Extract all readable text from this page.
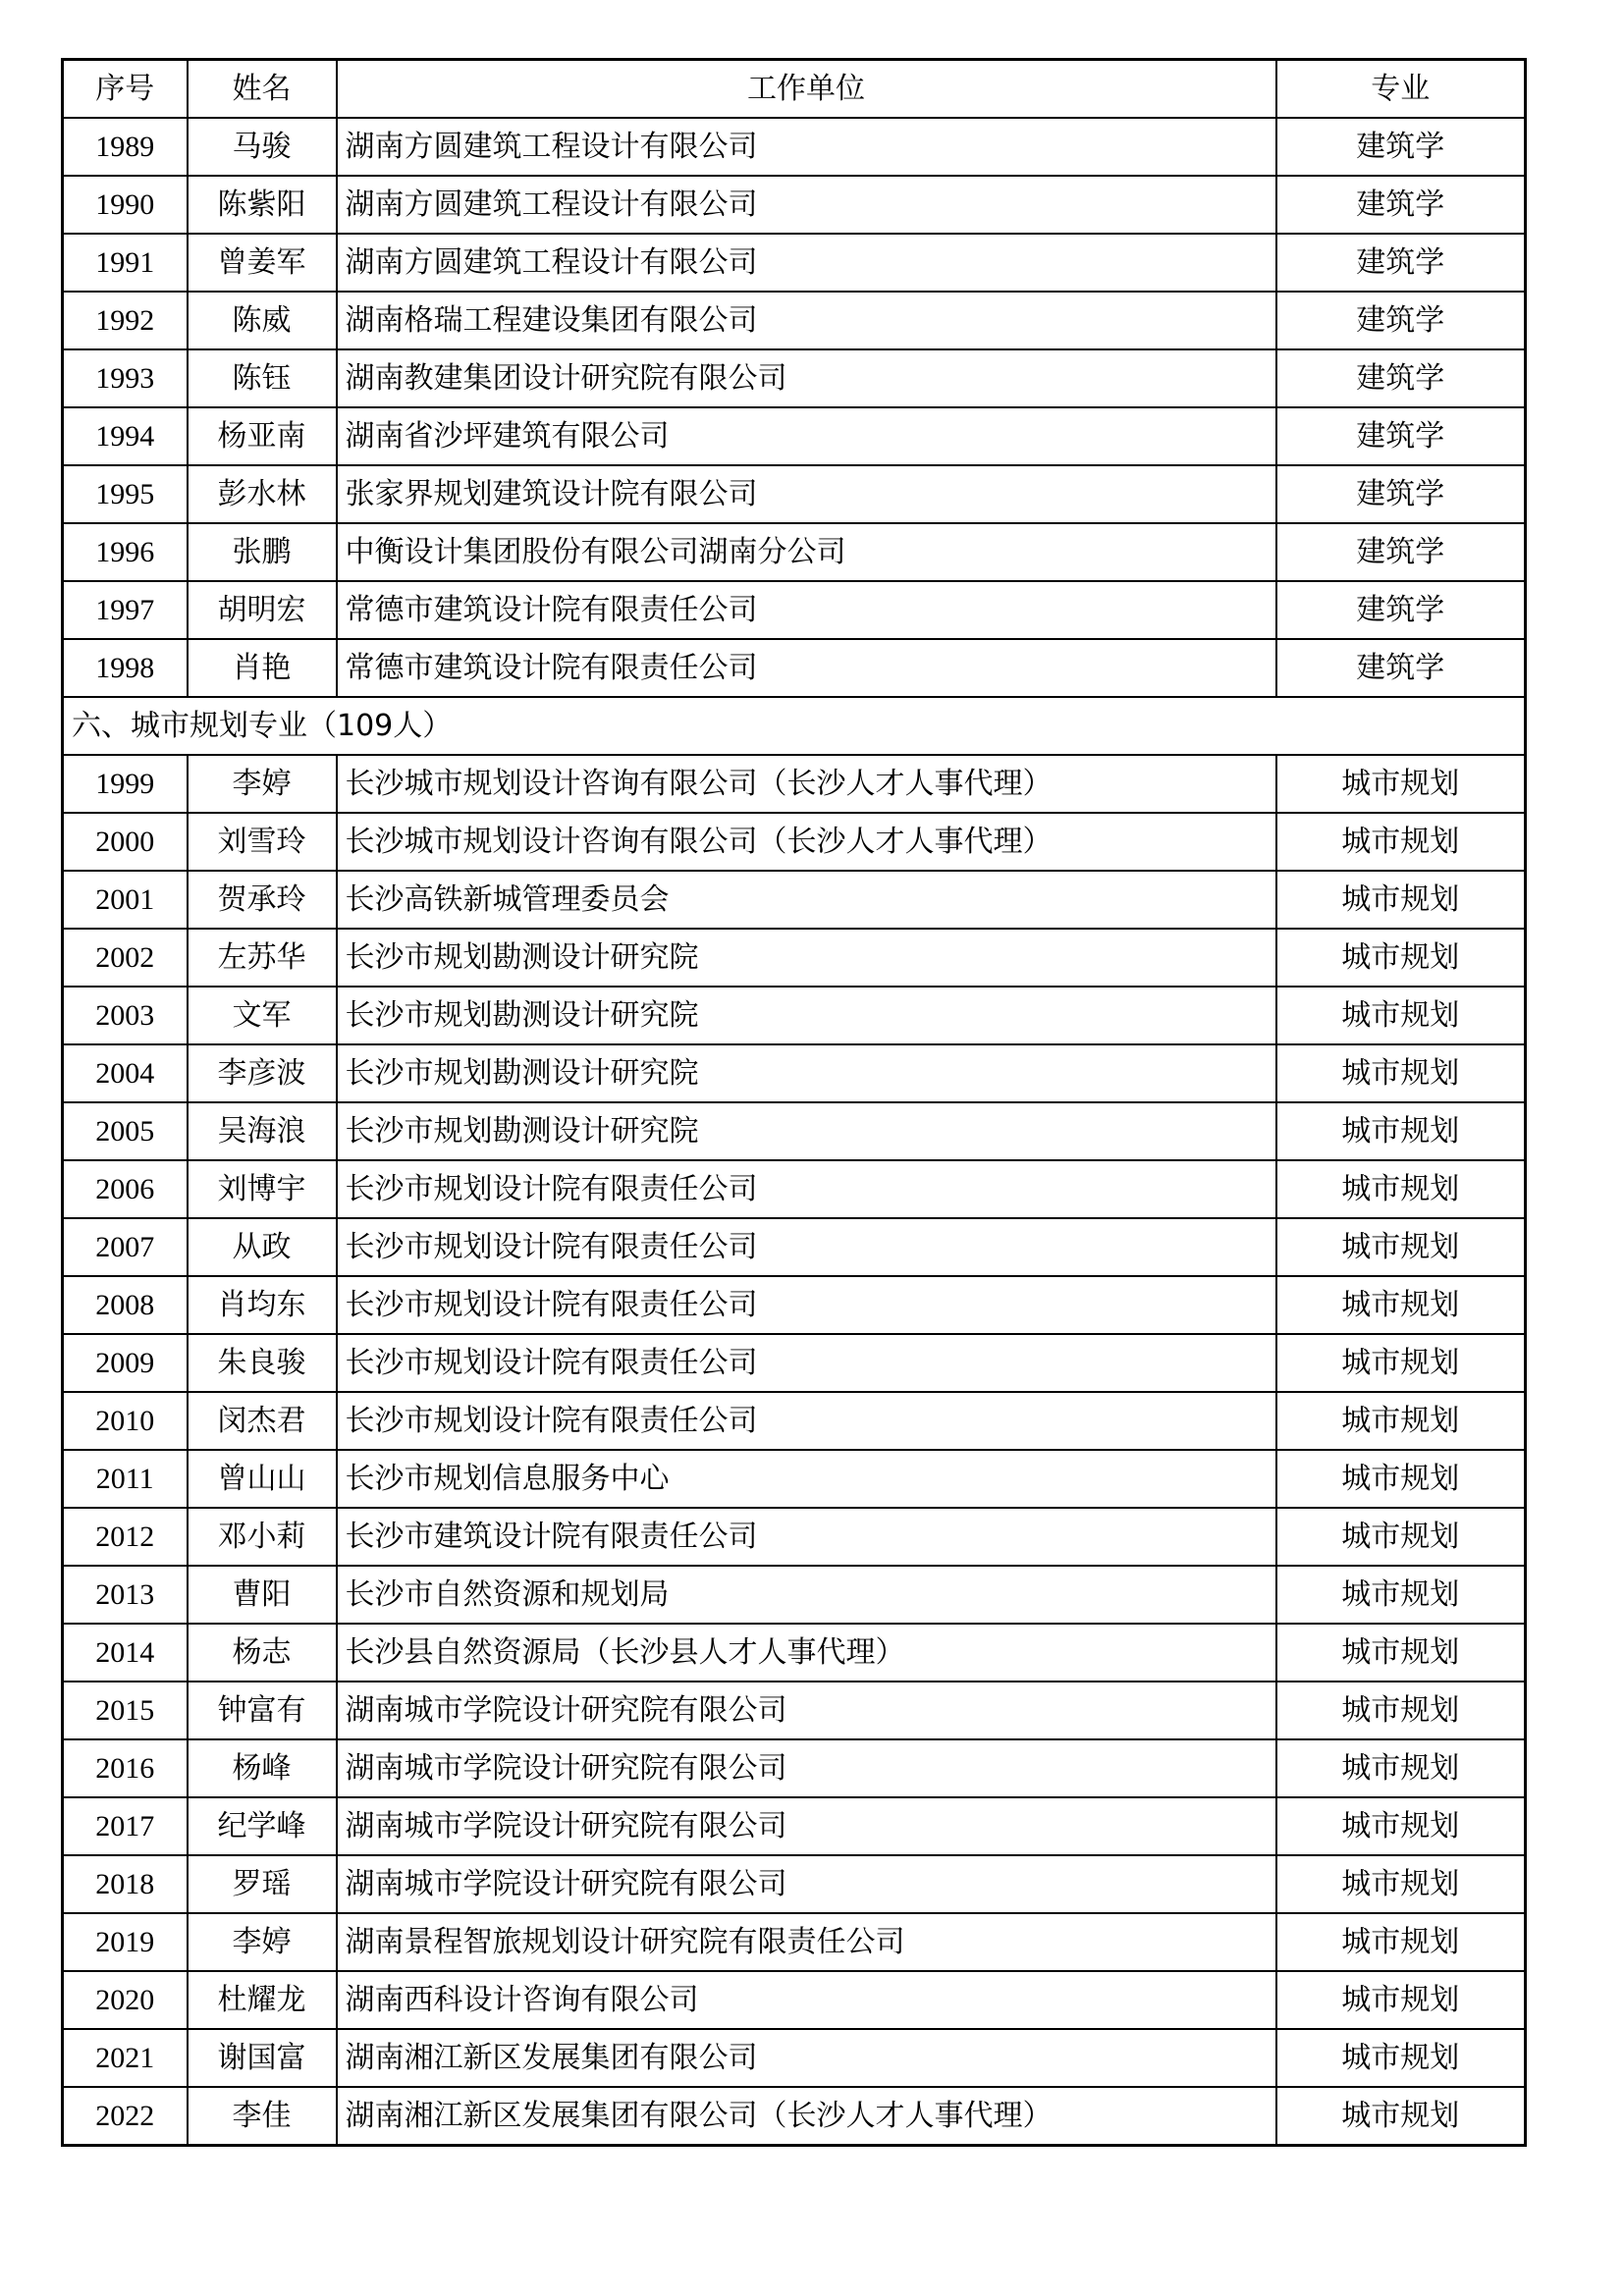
序号	姓名	工作单位	专业
1989	马骏	湖南方圆建筑工程设计有限公司	建筑学
1990	陈紫阳	湖南方圆建筑工程设计有限公司	建筑学
1991	曾姜军	湖南方圆建筑工程设计有限公司	建筑学
1992	陈威	湖南格瑞工程建设集团有限公司	建筑学
1993	陈钰	湖南教建集团设计研究院有限公司	建筑学
1994	杨亚南	湖南省沙坪建筑有限公司	建筑学
1995	彭水林	张家界规划建筑设计院有限公司	建筑学
1996	张鹏	中衡设计集团股份有限公司湖南分公司	建筑学
1997	胡明宏	常德市建筑设计院有限责任公司	建筑学
1998	肖艳	常德市建筑设计院有限责任公司	建筑学
六、城市规划专业（109人）			
1999	李婷	长沙城市规划设计咨询有限公司（长沙人才人事代理）	城市规划
2000	刘雪玲	长沙城市规划设计咨询有限公司（长沙人才人事代理）	城市规划
2001	贺承玲	长沙高铁新城管理委员会	城市规划
2002	左苏华	长沙市规划勘测设计研究院	城市规划
2003	文军	长沙市规划勘测设计研究院	城市规划
2004	李彦波	长沙市规划勘测设计研究院	城市规划
2005	吴海浪	长沙市规划勘测设计研究院	城市规划
2006	刘博宇	长沙市规划设计院有限责任公司	城市规划
2007	从政	长沙市规划设计院有限责任公司	城市规划
2008	肖均东	长沙市规划设计院有限责任公司	城市规划
2009	朱良骏	长沙市规划设计院有限责任公司	城市规划
2010	闵杰君	长沙市规划设计院有限责任公司	城市规划
2011	曾山山	长沙市规划信息服务中心	城市规划
2012	邓小莉	长沙市建筑设计院有限责任公司	城市规划
2013	曹阳	长沙市自然资源和规划局	城市规划
2014	杨志	长沙县自然资源局（长沙县人才人事代理）	城市规划
2015	钟富有	湖南城市学院设计研究院有限公司	城市规划
2016	杨峰	湖南城市学院设计研究院有限公司	城市规划
2017	纪学峰	湖南城市学院设计研究院有限公司	城市规划
2018	罗瑶	湖南城市学院设计研究院有限公司	城市规划
2019	李婷	湖南景程智旅规划设计研究院有限责任公司	城市规划
2020	杜耀龙	湖南西科设计咨询有限公司	城市规划
2021	谢国富	湖南湘江新区发展集团有限公司	城市规划
2022	李佳	湖南湘江新区发展集团有限公司（长沙人才人事代理）	城市规划
